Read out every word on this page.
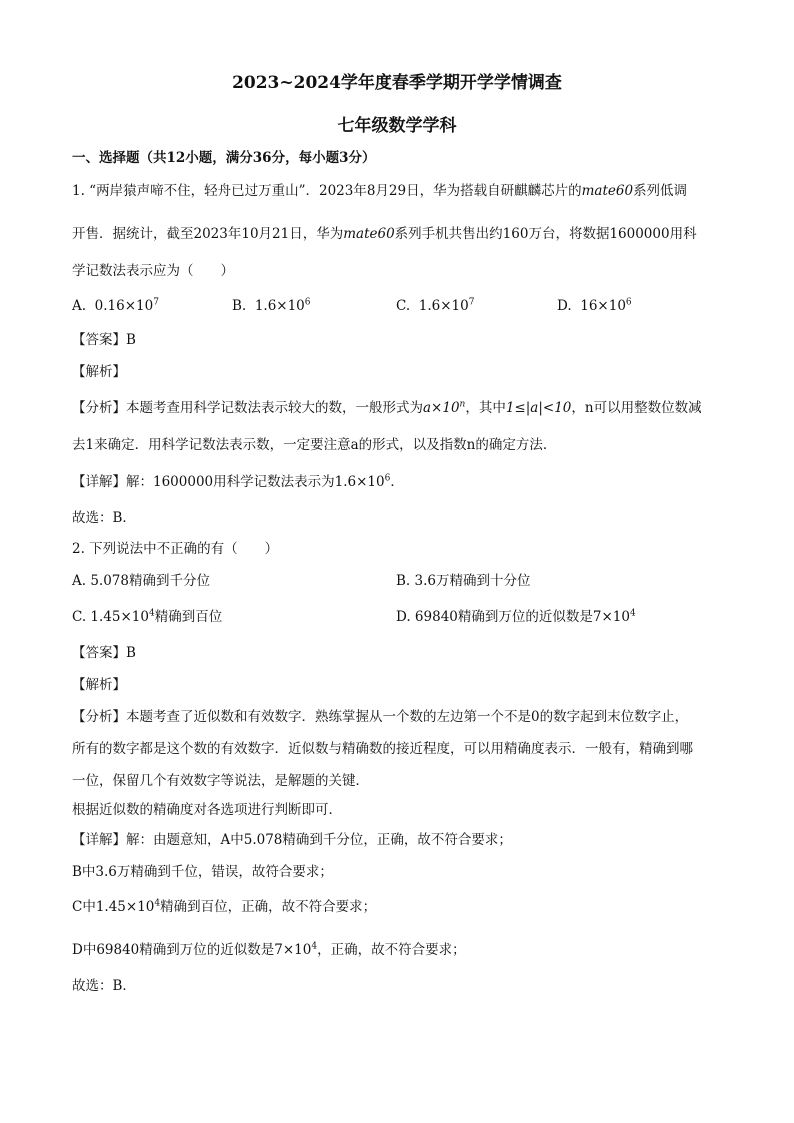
2023~2024学年度春季学期开学学情调查
七年级数学学科
一、选择题（共12小题，满分36分，每小题3分）
1. “两岸猿声啼不住，轻舟已过万重山”．2023年8月29日，华为搭载自研麒麟芯片的mate60系列低调
开售．据统计，截至2023年10月21日，华为mate60系列手机共售出约160万台，将数据1600000用科
学记数法表示应为（　　）
A. $0.16\times 10^7$	B. $1.6\times 10^6$	C. $1.6\times 10^7$	D. $16\times 10^6$
【答案】B
【解析】
【分析】本题考查用科学记数法表示较大的数，一般形式为$a\times 10^n$，其中1≤|a|<10，n可以用整数位数减
去1来确定．用科学记数法表示数，一定要注意a的形式，以及指数n的确定方法．
【详解】解：1600000用科学记数法表示为$1.6\times 10^6$．
故选：B．
2. 下列说法中不正确的有（　　）
A. 5.078精确到千分位	B. 3.6万精确到十分位
C. $1.45\times 10^4$精确到百位	D. 69840精确到万位的近似数是$7\times 10^4$
【答案】B
【解析】
【分析】本题考查了近似数和有效数字．熟练掌握从一个数的左边第一个不是0的数字起到末位数字止，
所有的数字都是这个数的有效数字．近似数与精确数的接近程度，可以用精确度表示．一般有，精确到哪
一位，保留几个有效数字等说法，是解题的关键．
根据近似数的精确度对各选项进行判断即可．
【详解】解：由题意知，A中5.078精确到千分位，正确，故不符合要求；
B中3.6万精确到千位，错误，故符合要求；
C中$1.45\times 10^4$精确到百位，正确，故不符合要求；
D中69840精确到万位的近似数是$7\times 10^4$，正确，故不符合要求；
故选：B．
